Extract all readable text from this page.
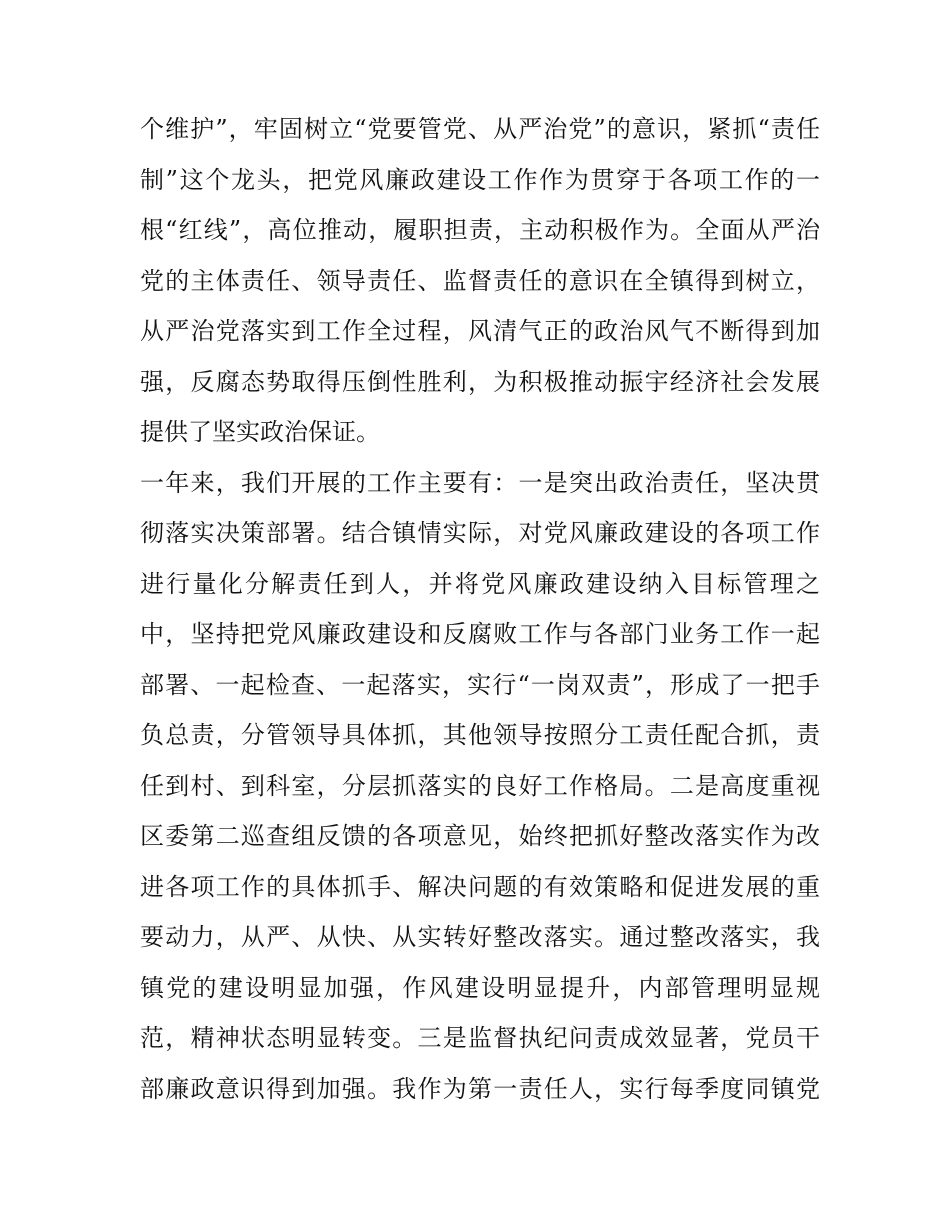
个维护”，牢固树立“党要管党、从严治党”的意识，紧抓“责任
制”这个龙头，把党风廉政建设工作作为贯穿于各项工作的一
根“红线”，高位推动，履职担责，主动积极作为。全面从严治
党的主体责任、领导责任、监督责任的意识在全镇得到树立，
从严治党落实到工作全过程，风清气正的政治风气不断得到加
强，反腐态势取得压倒性胜利，为积极推动振宇经济社会发展
提供了坚实政治保证。
一年来，我们开展的工作主要有：一是突出政治责任，坚决贯
彻落实决策部署。结合镇情实际，对党风廉政建设的各项工作
进行量化分解责任到人，并将党风廉政建设纳入目标管理之
中，坚持把党风廉政建设和反腐败工作与各部门业务工作一起
部署、一起检查、一起落实，实行“一岗双责”，形成了一把手
负总责，分管领导具体抓，其他领导按照分工责任配合抓，责
任到村、到科室，分层抓落实的良好工作格局。二是高度重视
区委第二巡查组反馈的各项意见，始终把抓好整改落实作为改
进各项工作的具体抓手、解决问题的有效策略和促进发展的重
要动力，从严、从快、从实转好整改落实。通过整改落实，我
镇党的建设明显加强，作风建设明显提升，内部管理明显规
范，精神状态明显转变。三是监督执纪问责成效显著，党员干
部廉政意识得到加强。我作为第一责任人，实行每季度同镇党
